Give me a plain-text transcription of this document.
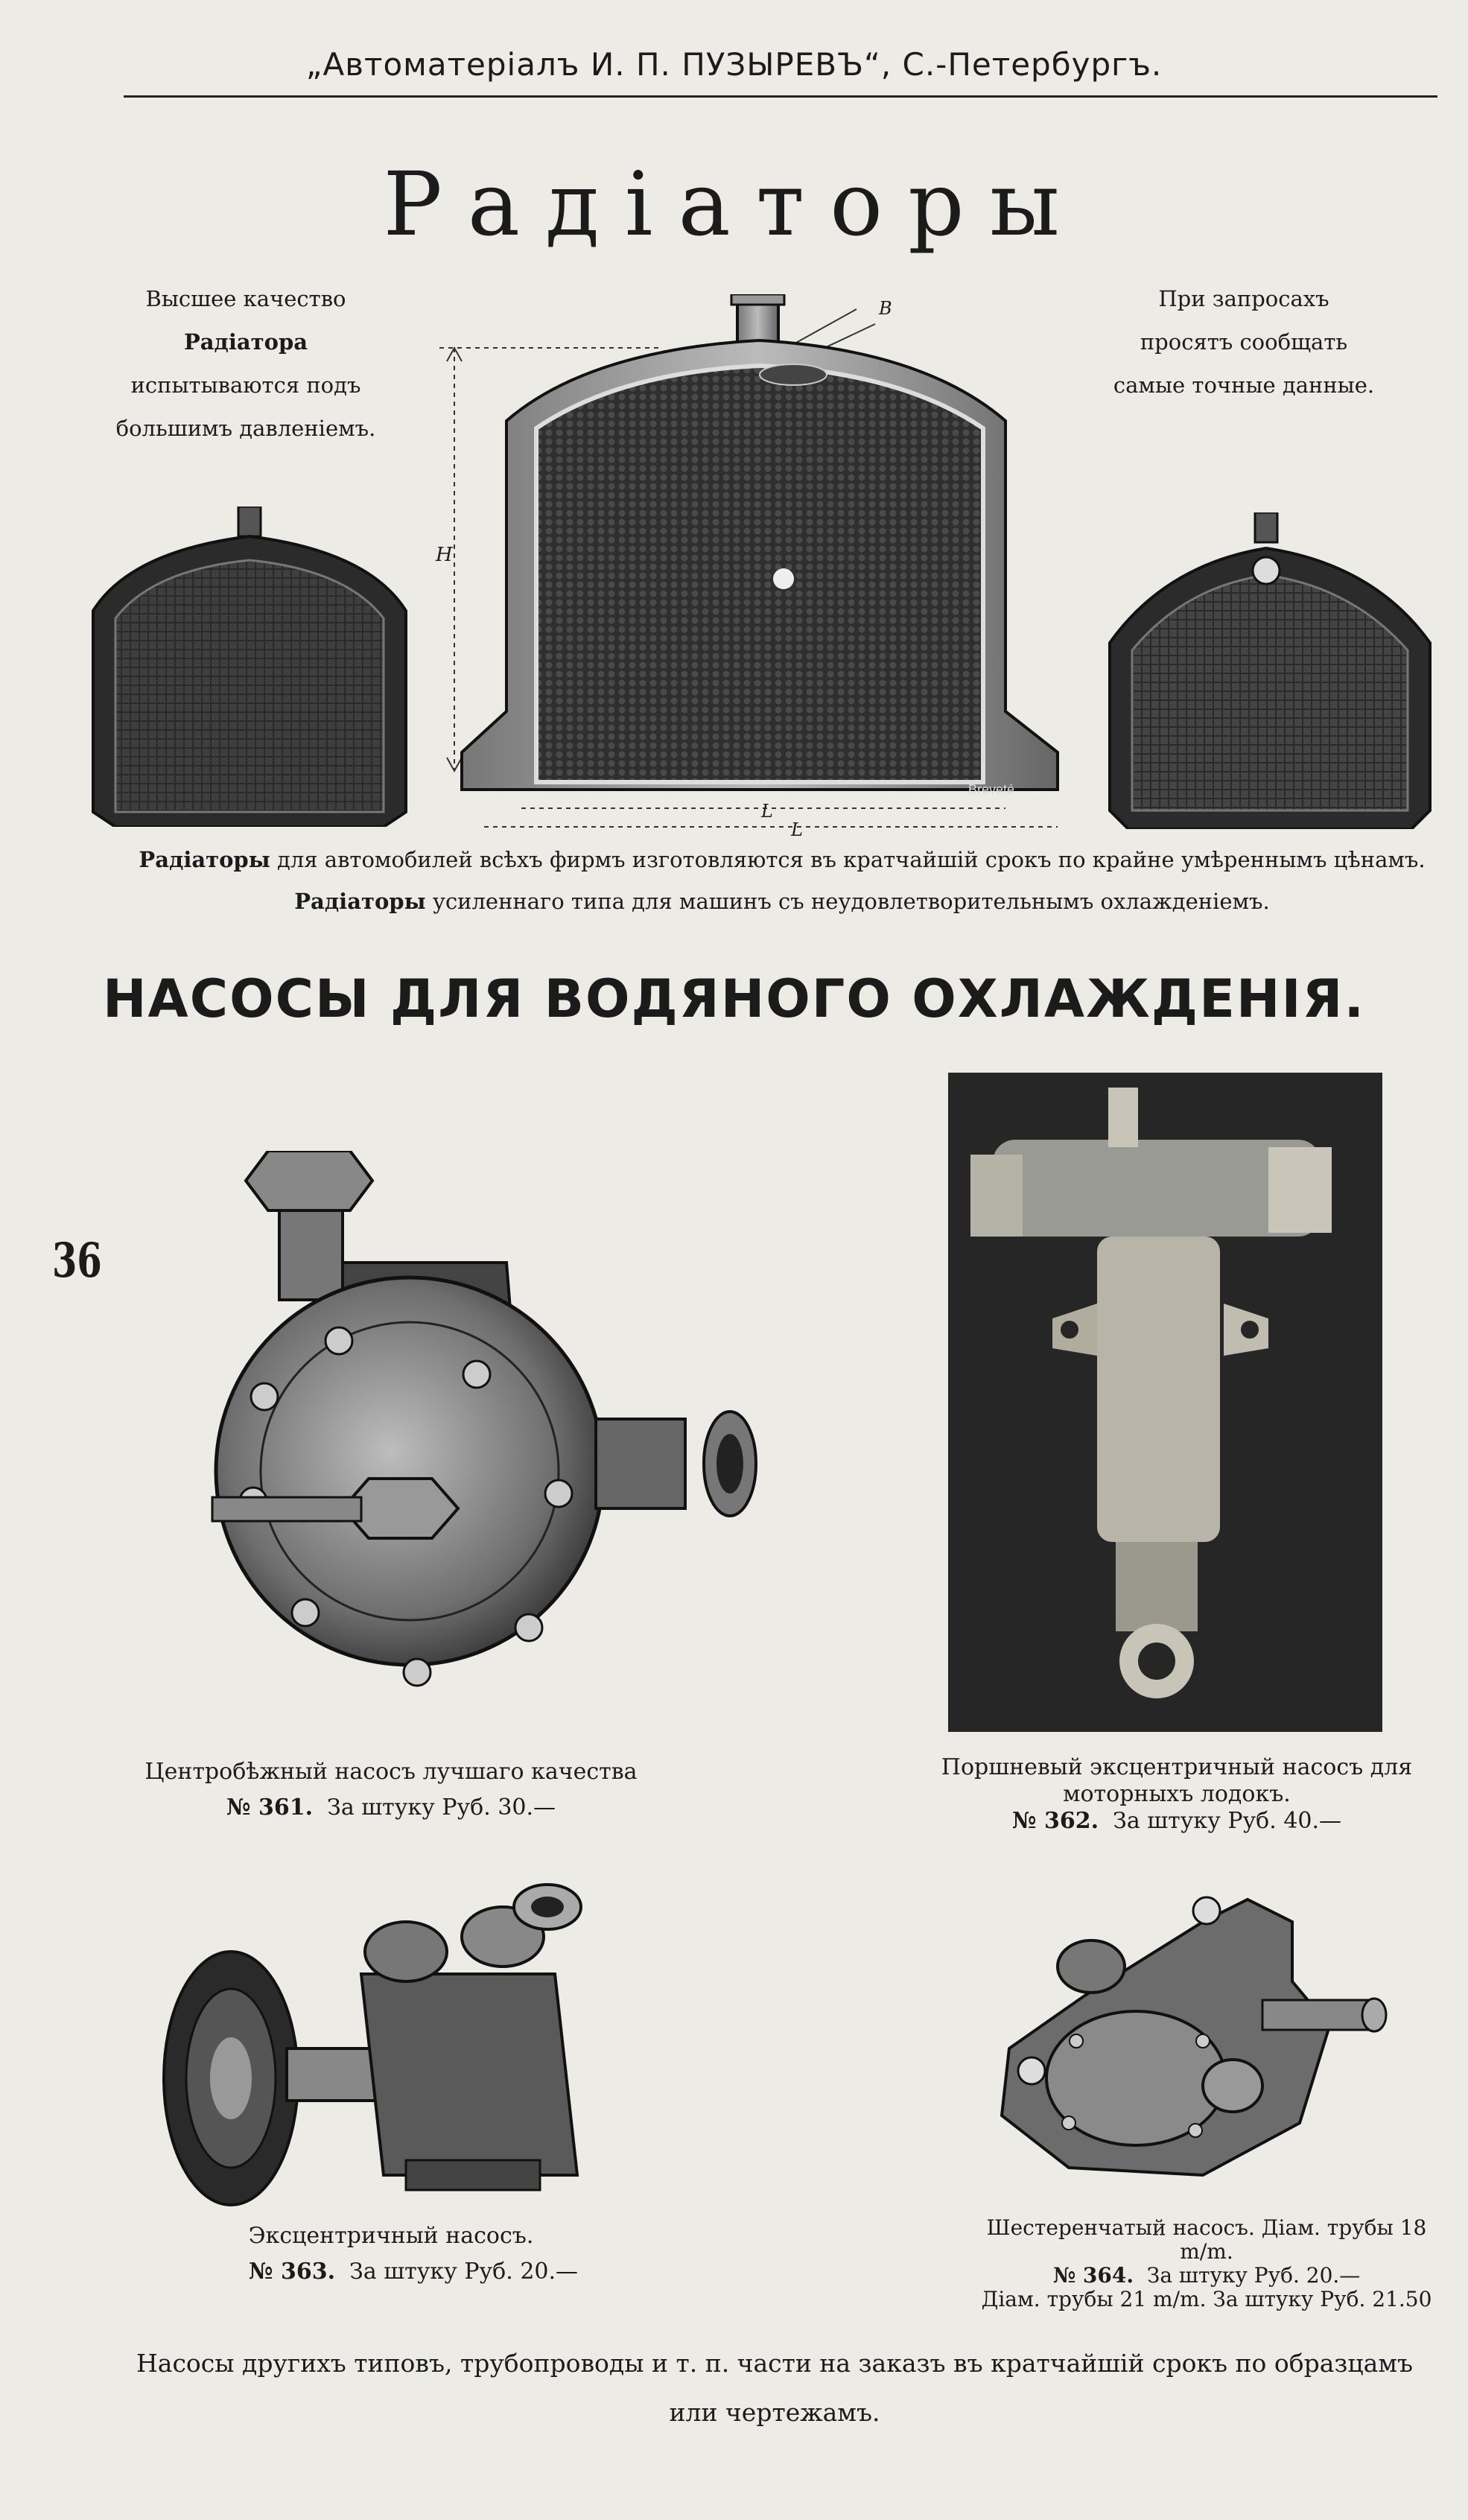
„Автоматеріалъ И. П. ПУЗЫРЕВЪ“, С.-Петербургъ.
36
Радіаторы
Высшее качество Радіатора испытываются подъ большимъ давленіемъ.
При запросахъ просятъ сообщать самые точные данные.
H
B
L
L
Breveté
Радіаторы для автомобилей всѣхъ фирмъ изготовляются въ кратчайшій срокъ по крайне умѣреннымъ цѣнамъ.
Радіаторы усиленнаго типа для машинъ съ неудовлетворительнымъ охлажденіемъ.
НАСОСЫ ДЛЯ ВОДЯНОГО ОХЛАЖДЕНІЯ.
Центробѣжный насосъ лучшаго качества
№ 361. За штуку Руб. 30.—
Поршневый эксцентричный насосъ для моторныхъ лодокъ.
№ 362. За штуку Руб. 40.—
Эксцентричный насосъ.
№ 363. За штуку Руб. 20.—
Шестеренчатый насосъ. Діам. трубы 18 m/m.
№ 364. За штуку Руб. 20.—
Діам. трубы 21 m/m. За штуку Руб. 21.50
Насосы другихъ типовъ, трубопроводы и т. п. части на заказъ въ кратчайшій срокъ по образцамъ или чертежамъ.
